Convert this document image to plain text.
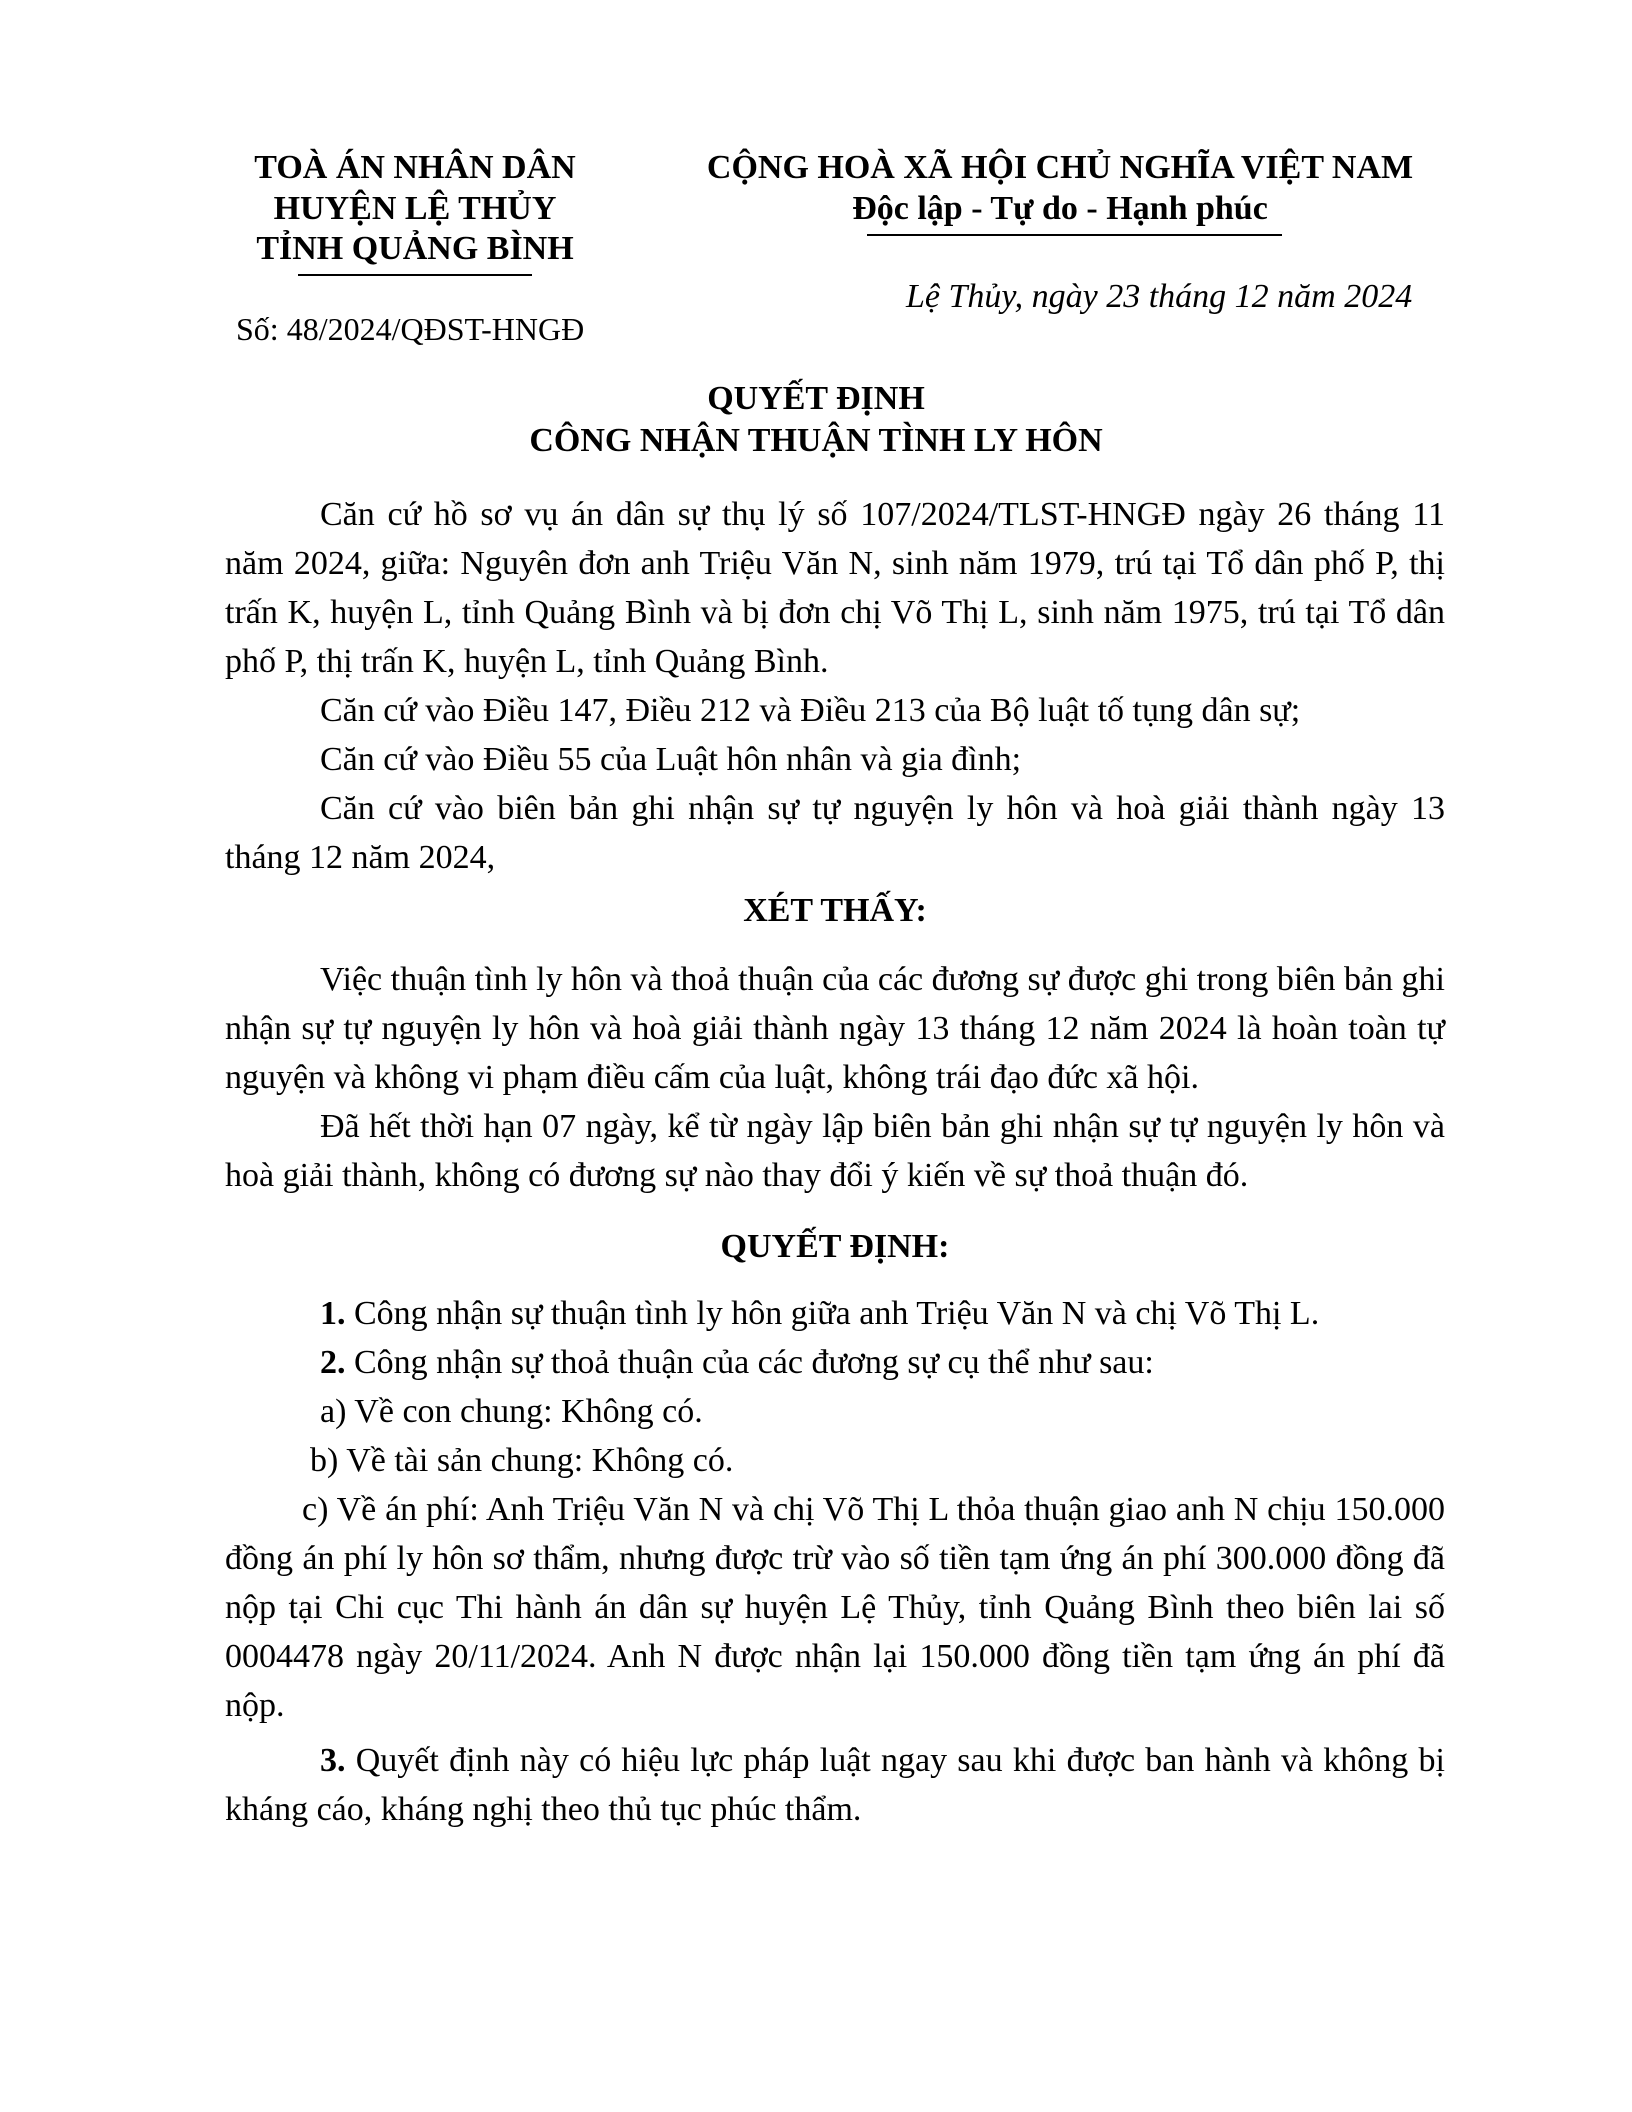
TOÀ ÁN NHÂN DÂN
HUYỆN LỆ THỦY
TỈNH QUẢNG BÌNH
Số: 48/2024/QĐST-HNGĐ
CỘNG HOÀ XÃ HỘI CHỦ NGHĨA VIỆT NAM
Độc lập - Tự do - Hạnh phúc
Lệ Thủy, ngày 23 tháng 12 năm 2024
QUYẾT ĐỊNH
CÔNG NHẬN THUẬN TÌNH LY HÔN

Căn cứ hồ sơ vụ án dân sự thụ lý số 107/2024/TLST-HNGĐ ngày 26 tháng 11 năm 2024, giữa: Nguyên đơn anh Triệu Văn N, sinh năm 1979, trú tại Tổ dân phố P, thị trấn K, huyện L, tỉnh Quảng Bình và bị đơn chị Võ Thị L, sinh năm 1975, trú tại Tổ dân phố P, thị trấn K, huyện L, tỉnh Quảng Bình.

Căn cứ vào Điều 147, Điều 212 và Điều 213 của Bộ luật tố tụng dân sự;

Căn cứ vào Điều 55 của Luật hôn nhân và gia đình;

Căn cứ vào biên bản ghi nhận sự tự nguyện ly hôn và hoà giải thành ngày 13 tháng 12 năm 2024,

XÉT THẤY:

Việc thuận tình ly hôn và thoả thuận của các đương sự được ghi trong biên bản ghi nhận sự tự nguyện ly hôn và hoà giải thành ngày 13 tháng 12 năm 2024 là hoàn toàn tự nguyện và không vi phạm điều cấm của luật, không trái đạo đức xã hội.

Đã hết thời hạn 07 ngày, kể từ ngày lập biên bản ghi nhận sự tự nguyện ly hôn và hoà giải thành, không có đương sự nào thay đổi ý kiến về sự thoả thuận đó.

QUYẾT ĐỊNH:

1. Công nhận sự thuận tình ly hôn giữa anh Triệu Văn N và chị Võ Thị L.

2. Công nhận sự thoả thuận của các đương sự cụ thể như sau:

a) Về con chung: Không có.

b) Về tài sản chung: Không có.

c) Về án phí: Anh Triệu Văn N và chị Võ Thị L thỏa thuận giao anh N chịu 150.000 đồng án phí ly hôn sơ thẩm, nhưng được trừ vào số tiền tạm ứng án phí 300.000 đồng đã nộp tại Chi cục Thi hành án dân sự huyện Lệ Thủy, tỉnh Quảng Bình theo biên lai số 0004478 ngày 20/11/2024. Anh N được nhận lại 150.000 đồng tiền tạm ứng án phí đã nộp.

3. Quyết định này có hiệu lực pháp luật ngay sau khi được ban hành và không bị kháng cáo, kháng nghị theo thủ tục phúc thẩm.
